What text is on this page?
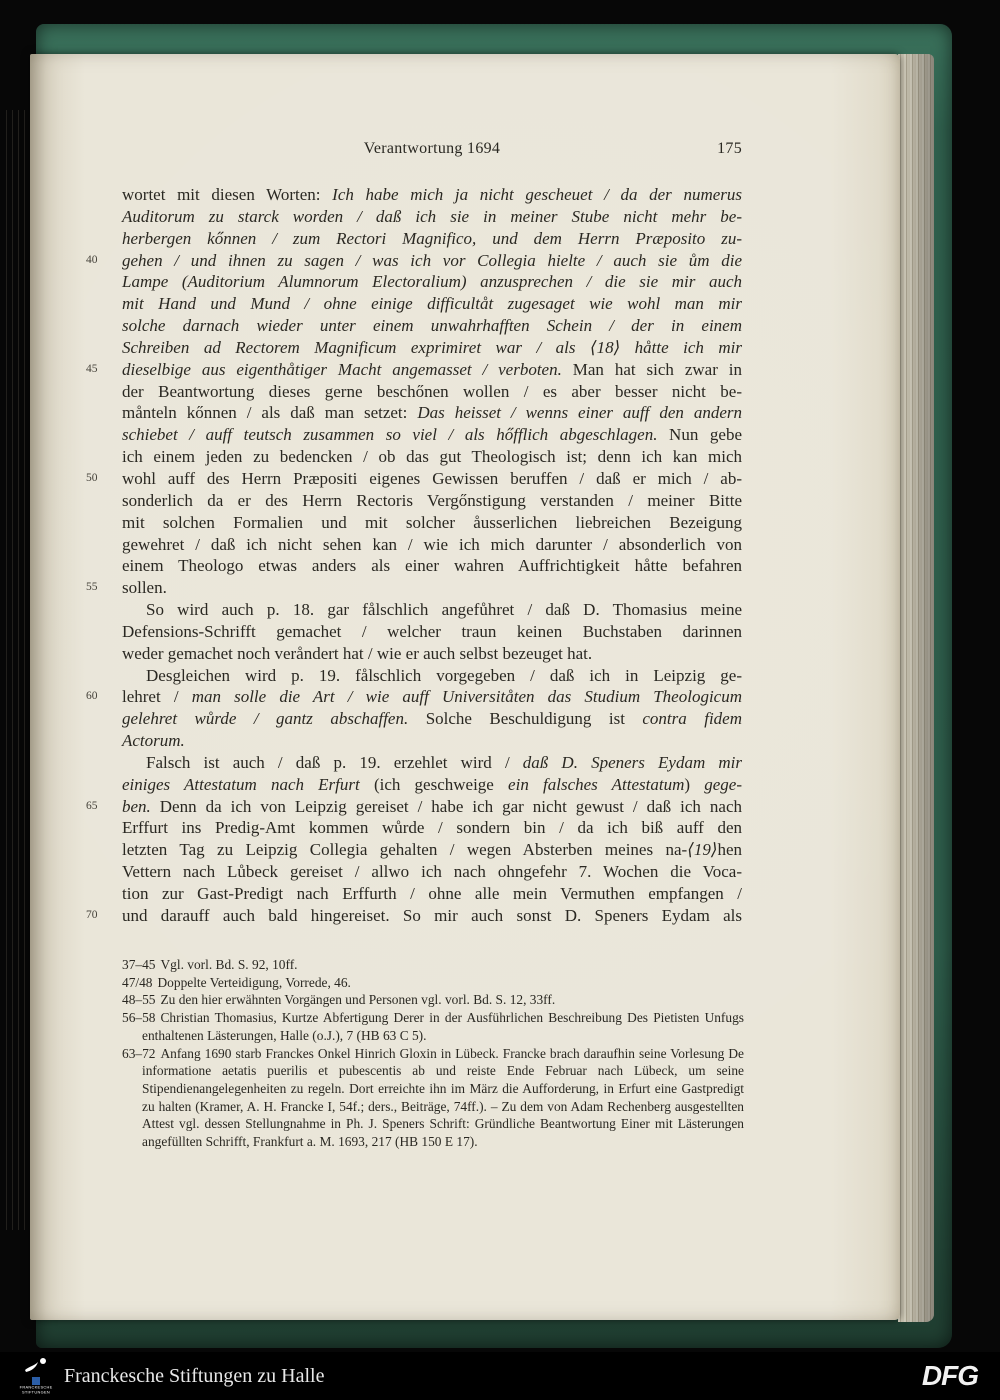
Verantwortung 1694	175
wortet mit diesen Worten: Ich habe mich ja nicht gescheuet / da der numerus
Auditorum zu starck worden / daß ich sie in meiner Stube nicht mehr be-
herbergen kőnnen / zum Rectori Magnifico, und dem Herrn Præposito zu-
40	gehen / und ihnen zu sagen / was ich vor Collegia hielte / auch sie ům die
Lampe (Auditorium Alumnorum Electoralium) anzusprechen / die sie mir auch
mit Hand und Mund / ohne einige difficultåt zugesaget wie wohl man mir
solche darnach wieder unter einem unwahrhafften Schein / der in einem
Schreiben ad Rectorem Magnificum exprimiret war / als ⟨18⟩ håtte ich mir
45	dieselbige aus eigenthåtiger Macht angemasset / verboten. Man hat sich zwar in
der Beantwortung dieses gerne beschőnen wollen / es aber besser nicht be-
månteln kőnnen / als daß man setzet: Das heisset / wenns einer auff den andern
schiebet / auff teutsch zusammen so viel / als hőfflich abgeschlagen. Nun gebe
ich einem jeden zu bedencken / ob das gut Theologisch ist; denn ich kan mich
50	wohl auff des Herrn Præpositi eigenes Gewissen beruffen / daß er mich / ab-
sonderlich da er des Herrn Rectoris Vergőnstigung verstanden / meiner Bitte
mit solchen Formalien und mit solcher åusserlichen liebreichen Bezeigung
gewehret / daß ich nicht sehen kan / wie ich mich darunter / absonderlich von
einem Theologo etwas anders als einer wahren Auffrichtigkeit håtte befahren
55	sollen.
So wird auch p. 18. gar fålschlich angefůhret / daß D. Thomasius meine
Defensions-Schrifft gemachet / welcher traun keinen Buchstaben darinnen
weder gemachet noch veråndert hat / wie er auch selbst bezeuget hat.
Desgleichen wird p. 19. fålschlich vorgegeben / daß ich in Leipzig ge-
60	lehret / man solle die Art / wie auff Universitåten das Studium Theologicum
gelehret wůrde / gantz abschaffen. Solche Beschuldigung ist contra fidem
Actorum.
Falsch ist auch / daß p. 19. erzehlet wird / daß D. Speners Eydam mir
einiges Attestatum nach Erfurt (ich geschweige ein falsches Attestatum) gege-
65	ben. Denn da ich von Leipzig gereiset / habe ich gar nicht gewust / daß ich nach
Erffurt ins Predig-Amt kommen wůrde / sondern bin / da ich biß auff den
letzten Tag zu Leipzig Collegia gehalten / wegen Absterben meines na-⟨19⟩hen
Vettern nach Lůbeck gereiset / allwo ich nach ohngefehr 7. Wochen die Voca-
tion zur Gast-Predigt nach Erffurth / ohne alle mein Vermuthen empfangen /
70	und darauff auch bald hingereiset. So mir auch sonst D. Speners Eydam als

37–45 Vgl. vorl. Bd. S. 92, 10ff.

47/48 Doppelte Verteidigung, Vorrede, 46.

48–55 Zu den hier erwähnten Vorgängen und Personen vgl. vorl. Bd. S. 12, 33ff.

56–58 Christian Thomasius, Kurtze Abfertigung Derer in der Ausführlichen Beschreibung Des Pietisten Unfugs enthaltenen Lästerungen, Halle (o.J.), 7 (HB 63 C 5).

63–72 Anfang 1690 starb Franckes Onkel Hinrich Gloxin in Lübeck. Francke brach daraufhin seine Vorlesung De informatione aetatis puerilis et pubescentis ab und reiste Ende Februar nach Lübeck, um seine Stipendienangelegenheiten zu regeln. Dort erreichte ihn im März die Aufforderung, in Erfurt eine Gastpredigt zu halten (Kramer, A. H. Francke I, 54f.; ders., Beiträge, 74ff.). – Zu dem von Adam Rechenberg ausgestellten Attest vgl. dessen Stellungnahme in Ph. J. Speners Schrift: Gründliche Beantwortung Einer mit Lästerungen angefüllten Schrifft, Frankfurt a. M. 1693, 217 (HB 150 E 17).

FRANCKESCHE
STIFTUNGEN
Franckesche Stiftungen zu Halle	DFG
